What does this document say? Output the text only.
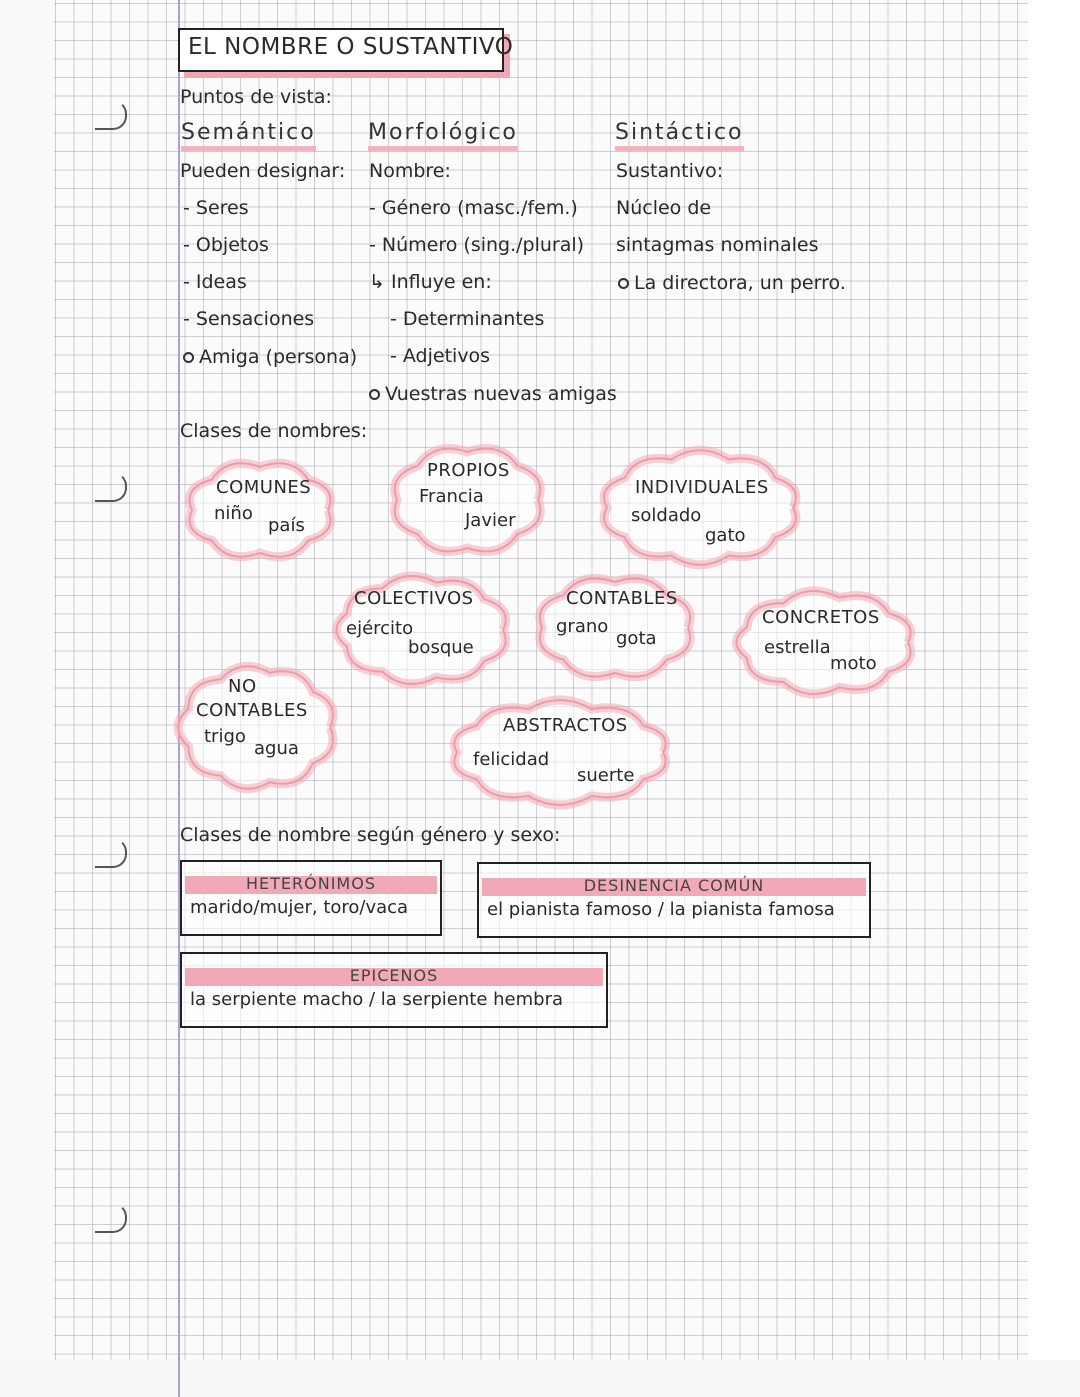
EL NOMBRE O SUSTANTIVO
Puntos de vista:
Semántico
Pueden designar:
- Seres
- Objetos
- Ideas
- Sensaciones
Amiga (persona)
Morfológico
Nombre:
- Género (masc./fem.)
- Número (sing./plural)
↳ Influye en:
- Determinantes
- Adjetivos
Vuestras nuevas amigas
Sintáctico
Sustantivo:
Núcleo de
sintagmas nominales
La directora, un perro.
Clases de nombres:
COMUNES
niño
país
PROPIOS
Francia
Javier
INDIVIDUALES
soldado
gato
COLECTIVOS
ejército
bosque
CONTABLES
grano
gota
CONCRETOS
estrella
moto
NO
CONTABLES
trigo
agua
ABSTRACTOS
felicidad
suerte
Clases de nombre según género y sexo:
HETERÓNIMOS
marido/mujer, toro/vaca
DESINENCIA COMÚN
el pianista famoso / la pianista famosa
EPICENOS
la serpiente macho / la serpiente hembra
